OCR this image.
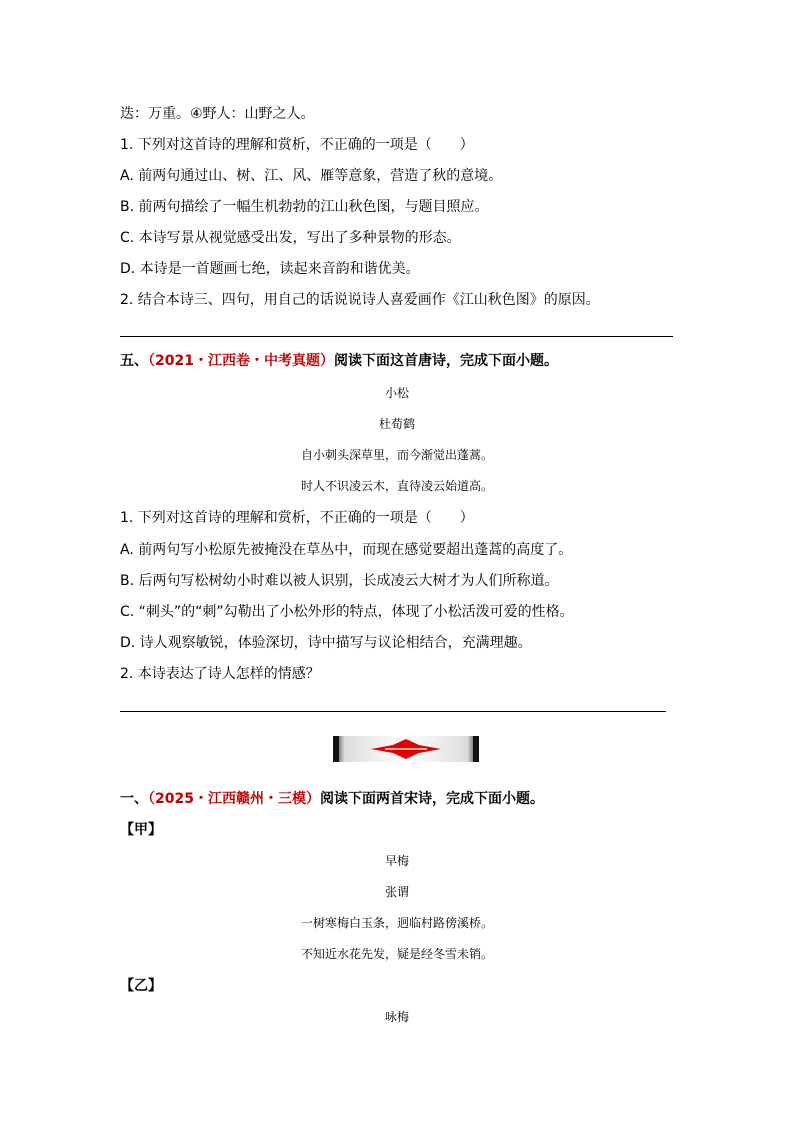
迭：万重。④野人：山野之人。
1. 下列对这首诗的理解和赏析，不正确的一项是（　　）
A. 前两句通过山、树、江、风、雁等意象，营造了秋的意境。
B. 前两句描绘了一幅生机勃勃的江山秋色图，与题目照应。
C. 本诗写景从视觉感受出发，写出了多种景物的形态。
D. 本诗是一首题画七绝，读起来音韵和谐优美。
2. 结合本诗三、四句，用自己的话说说诗人喜爱画作《江山秋色图》的原因。
五、（2021・江西卷・中考真题）阅读下面这首唐诗，完成下面小题。
小松
杜荀鹤
自小刺头深草里，而今渐觉出蓬蒿。
时人不识凌云木，直待凌云始道高。
1. 下列对这首诗的理解和赏析，不正确的一项是（　　）
A. 前两句写小松原先被掩没在草丛中，而现在感觉要超出蓬蒿的高度了。
B. 后两句写松树幼小时难以被人识别，长成凌云大树才为人们所称道。
C. “刺头”的“刺”勾勒出了小松外形的特点，体现了小松活泼可爱的性格。
D. 诗人观察敏锐，体验深切，诗中描写与议论相结合，充满理趣。
2. 本诗表达了诗人怎样的情感？
一、（2025・江西赣州・三模）阅读下面两首宋诗，完成下面小题。
【甲】
早梅
张谓
一树寒梅白玉条，迥临村路傍溪桥。
不知近水花先发，疑是经冬雪未销。
【乙】
咏梅
